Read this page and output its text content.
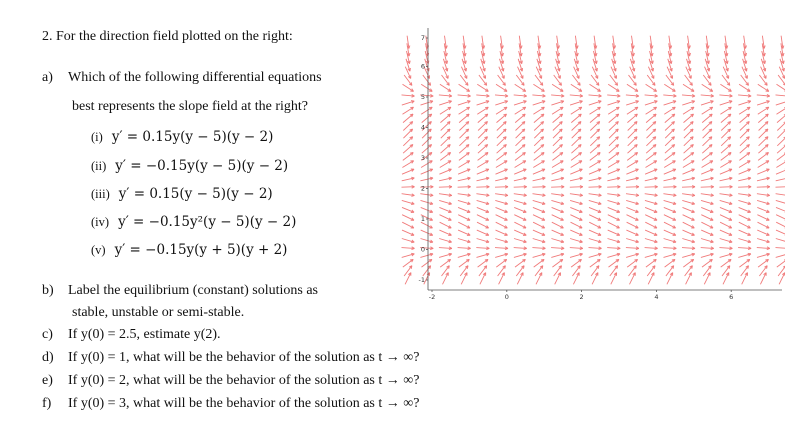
2. For the direction field plotted on the right:
a) Which of the following differential equations
best represents the slope field at the right?
(i) y′ = 0.15y(y − 5)(y − 2)
(ii) y′ = −0.15y(y − 5)(y − 2)
(iii) y′ = 0.15(y − 5)(y − 2)
(iv) y′ = −0.15y²(y − 5)(y − 2)
(v) y′ = −0.15y(y + 5)(y + 2)
b) Label the equilibrium (constant) solutions as
stable, unstable or semi-stable.
c) If y(0) = 2.5, estimate y(2).
d) If y(0) = 1, what will be the behavior of the solution as t → ∞?
e) If y(0) = 2, what will be the behavior of the solution as t → ∞?
f) If y(0) = 3, what will be the behavior of the solution as t → ∞?
-1
0
1
2
3
4
5
6
7
-2	0	2	4	6
